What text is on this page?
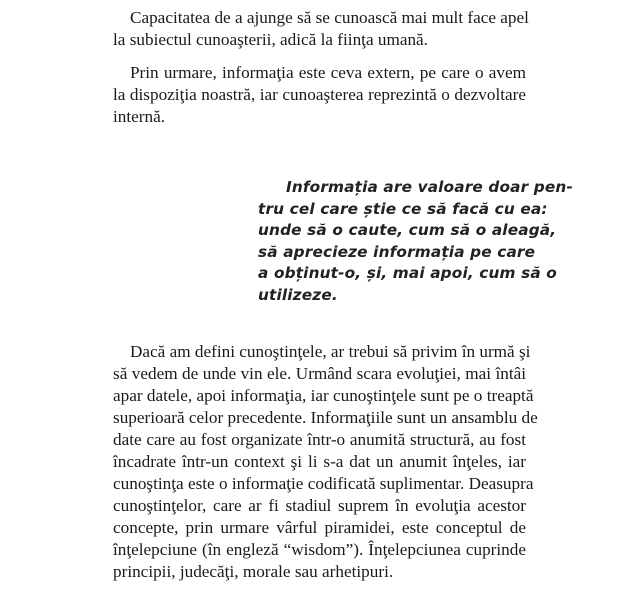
Capacitatea de a ajunge să se cunoască mai mult face apel
la subiectul cunoaşterii, adică la fiinţa umană.
Prin urmare, informaţia este ceva extern, pe care o avem
la dispoziţia noastră, iar cunoaşterea reprezintă o dezvoltare
internă.
Informația are valoare doar pen-
tru cel care știe ce să facă cu ea:
unde să o caute, cum să o aleagă,
să aprecieze informația pe care
a obținut-o, și, mai apoi, cum să o
utilizeze.
Dacă am defini cunoştinţele, ar trebui să privim în urmă şi
să vedem de unde vin ele. Urmând scara evoluţiei, mai întâi
apar datele, apoi informaţia, iar cunoştinţele sunt pe o treaptă
superioară celor precedente. Informaţiile sunt un ansamblu de
date care au fost organizate într-o anumită structură, au fost
încadrate într-un context şi li s-a dat un anumit înţeles, iar
cunoştinţa este o informaţie codificată suplimentar. Deasupra
cunoştinţelor, care ar fi stadiul suprem în evoluţia acestor
concepte, prin urmare vârful piramidei, este conceptul de
înţelepciune (în engleză “wisdom”). Înţelepciunea cuprinde
principii, judecăţi, morale sau arhetipuri.
